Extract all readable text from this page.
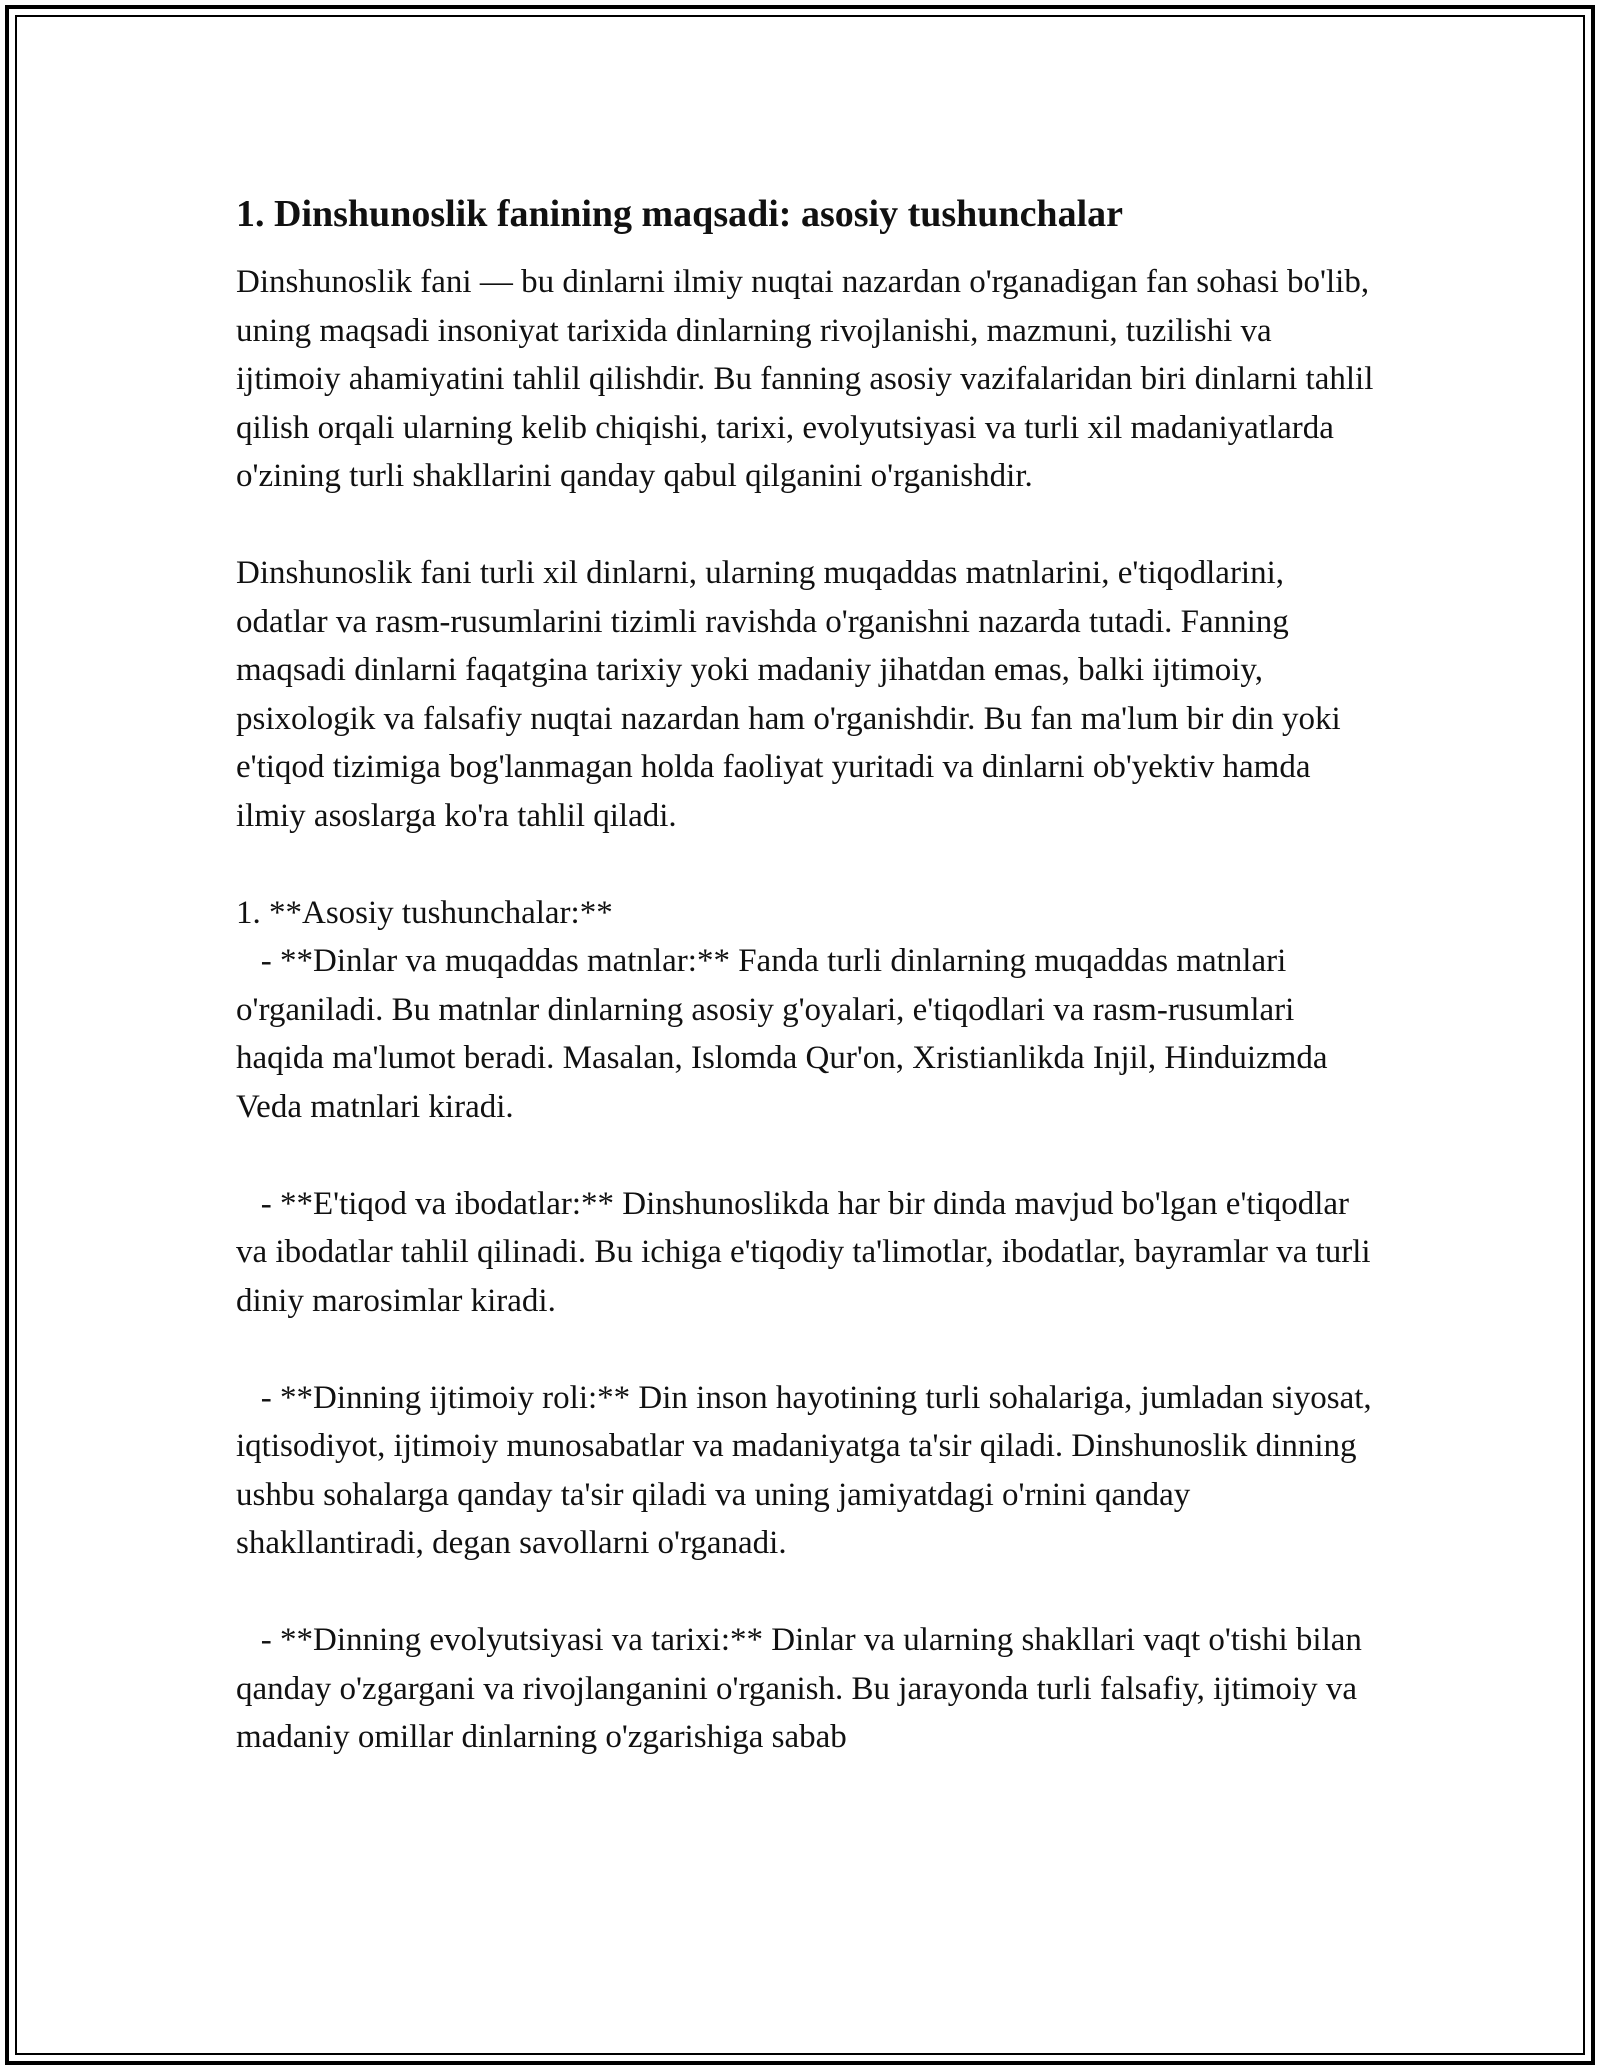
1. Dinshunoslik fanining maqsadi: asosiy tushunchalar

Dinshunoslik fani — bu dinlarni ilmiy nuqtai nazardan o'rganadigan fan sohasi bo'lib, uning maqsadi insoniyat tarixida dinlarning rivojlanishi, mazmuni, tuzilishi va ijtimoiy ahamiyatini tahlil qilishdir. Bu fanning asosiy vazifalaridan biri dinlarni tahlil qilish orqali ularning kelib chiqishi, tarixi, evolyutsiyasi va turli xil madaniyatlarda o'zining turli shakllarini qanday qabul qilganini o'rganishdir.

Dinshunoslik fani turli xil dinlarni, ularning muqaddas matnlarini, e'tiqodlarini, odatlar va rasm-rusumlarini tizimli ravishda o'rganishni nazarda tutadi. Fanning maqsadi dinlarni faqatgina tarixiy yoki madaniy jihatdan emas, balki ijtimoiy, psixologik va falsafiy nuqtai nazardan ham o'rganishdir. Bu fan ma'lum bir din yoki e'tiqod tizimiga bog'lanmagan holda faoliyat yuritadi va dinlarni ob'yektiv hamda ilmiy asoslarga ko'ra tahlil qiladi.

1. **Asosiy tushunchalar:**
- **Dinlar va muqaddas matnlar:** Fanda turli dinlarning muqaddas matnlari o'rganiladi. Bu matnlar dinlarning asosiy g'oyalari, e'tiqodlari va rasm-rusumlari haqida ma'lumot beradi. Masalan, Islomda Qur'on, Xristianlikda Injil, Hinduizmda Veda matnlari kiradi.

- **E'tiqod va ibodatlar:** Dinshunoslikda har bir dinda mavjud bo'lgan e'tiqodlar va ibodatlar tahlil qilinadi. Bu ichiga e'tiqodiy ta'limotlar, ibodatlar, bayramlar va turli diniy marosimlar kiradi.

- **Dinning ijtimoiy roli:** Din inson hayotining turli sohalariga, jumladan siyosat, iqtisodiyot, ijtimoiy munosabatlar va madaniyatga ta'sir qiladi. Dinshunoslik dinning ushbu sohalarga qanday ta'sir qiladi va uning jamiyatdagi o'rnini qanday shakllantiradi, degan savollarni o'rganadi.

- **Dinning evolyutsiyasi va tarixi:** Dinlar va ularning shakllari vaqt o'tishi bilan qanday o'zgargani va rivojlanganini o'rganish. Bu jarayonda turli falsafiy, ijtimoiy va madaniy omillar dinlarning o'zgarishiga sabab
